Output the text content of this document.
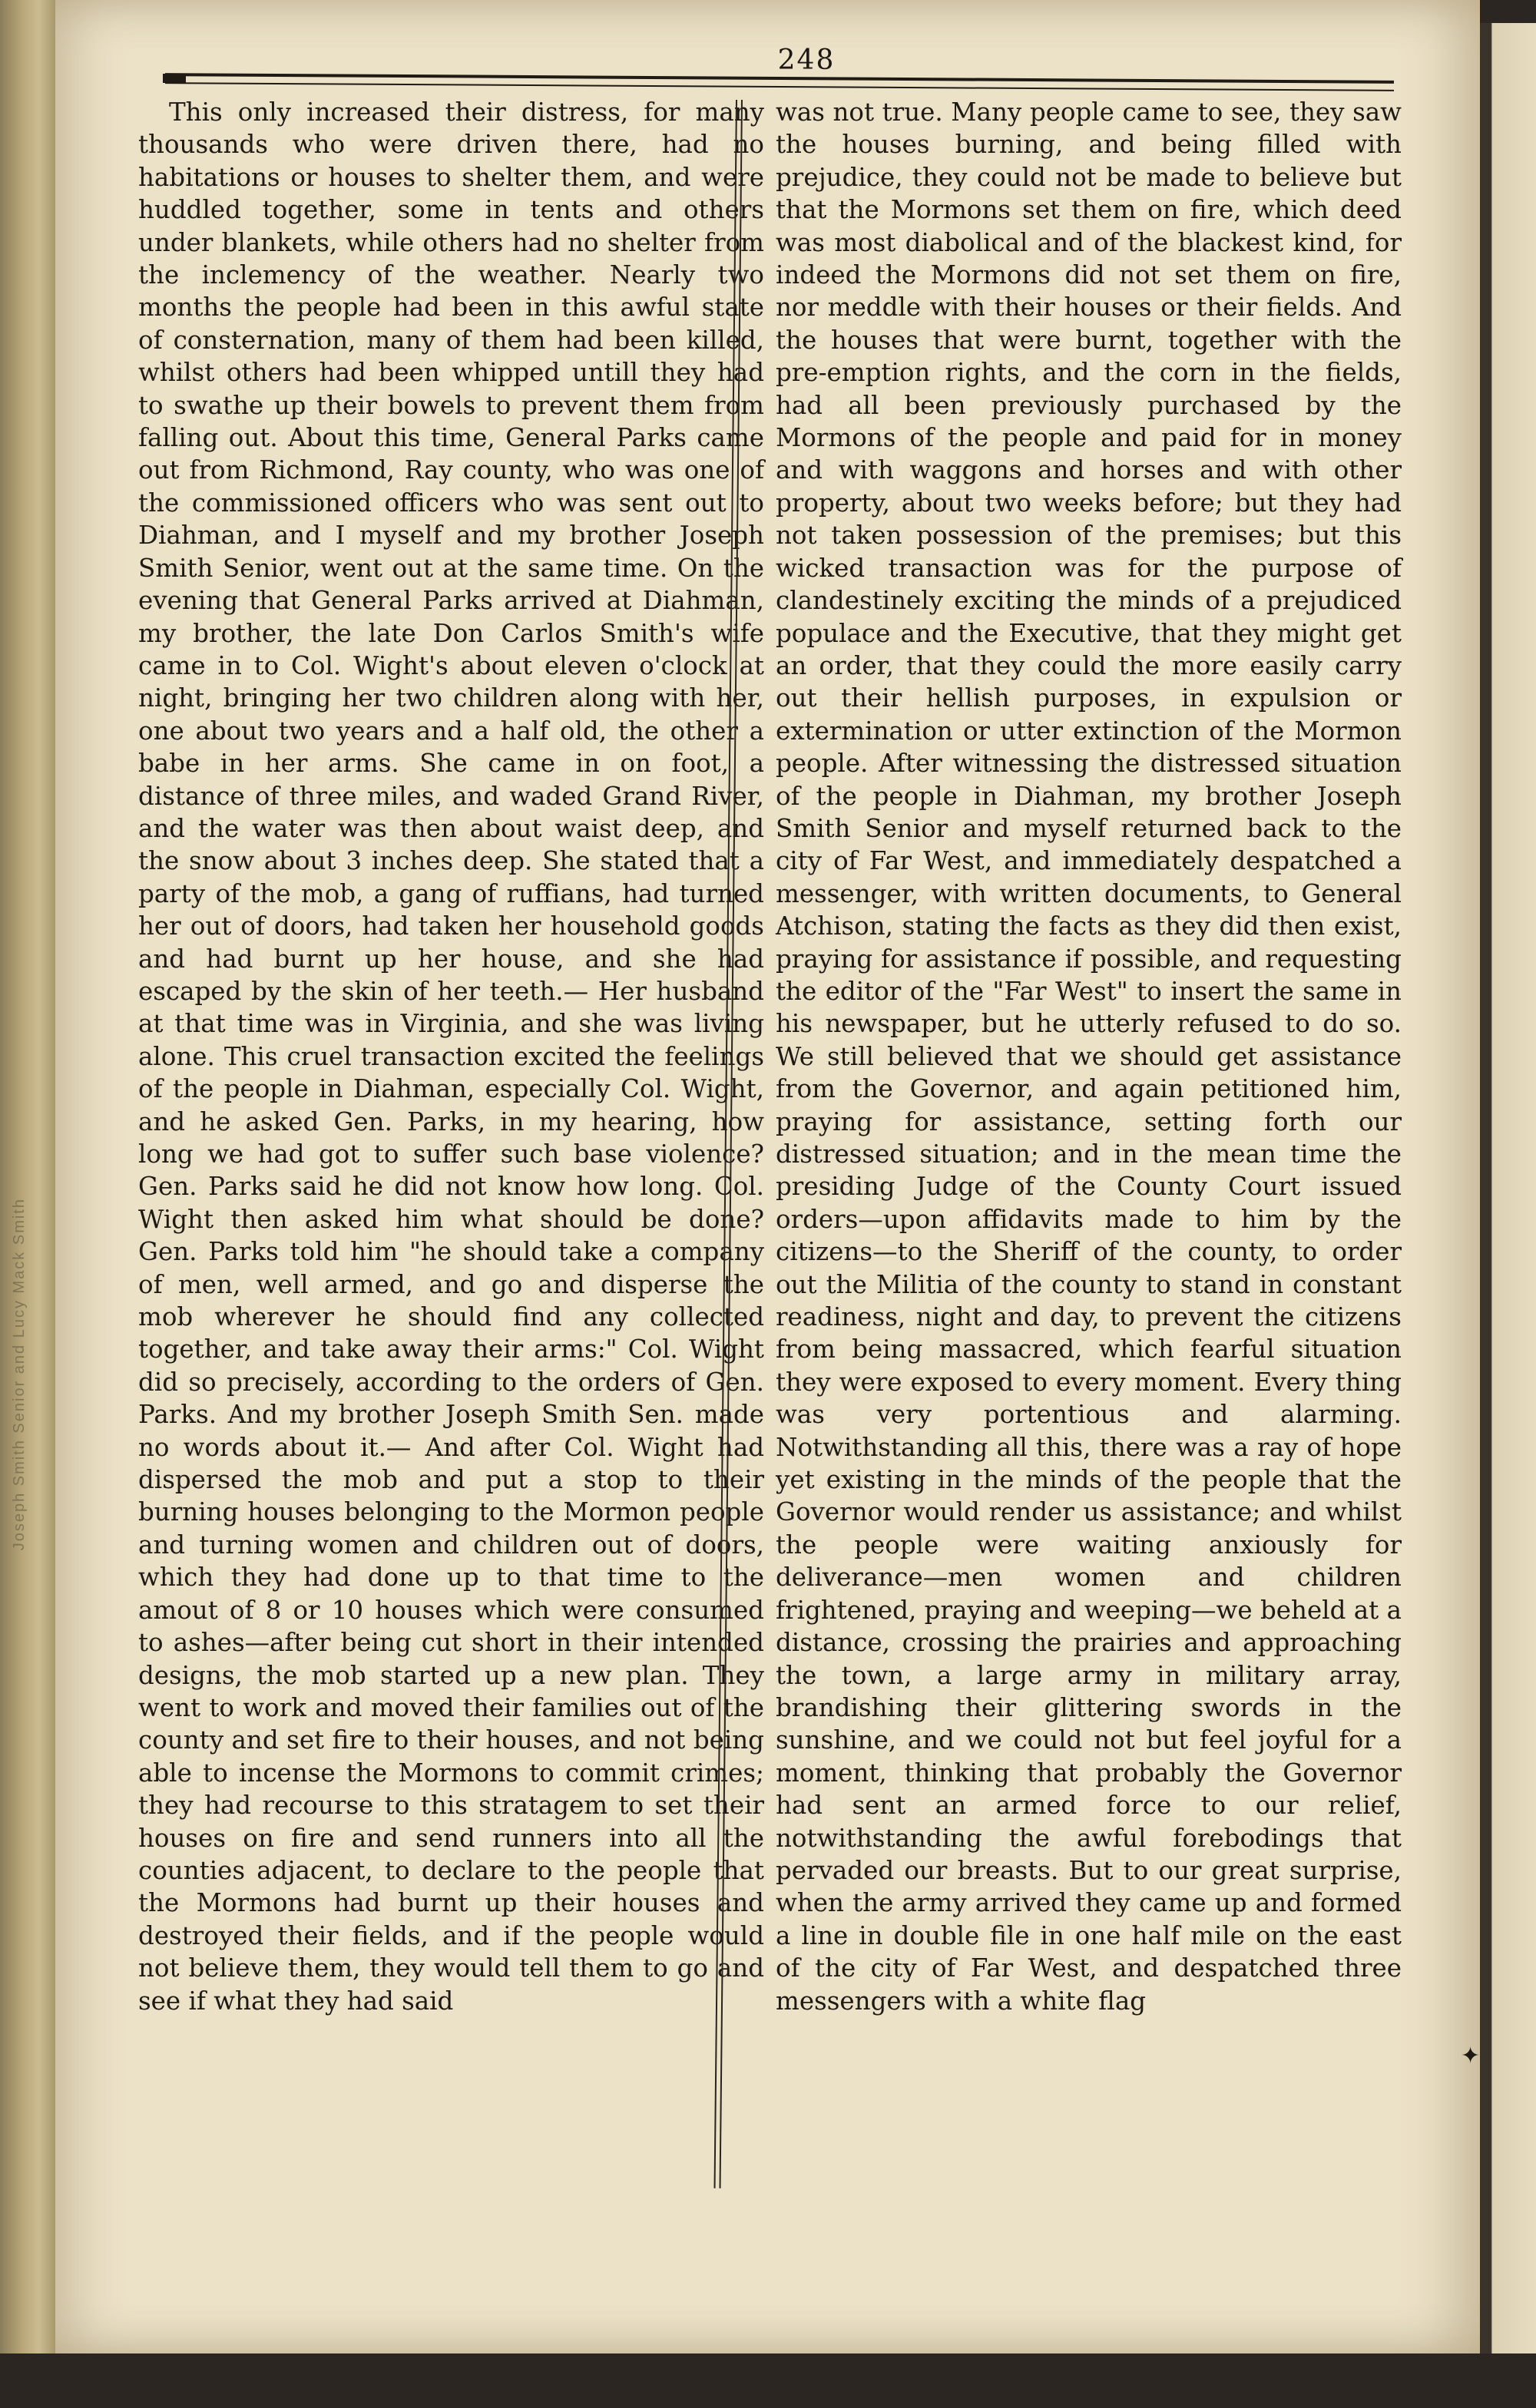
Joseph Smith Senior and Lucy Mack Smith
248

This only increased their distress, for many thousands who were driven there, had no habitations or houses to shelter them, and were huddled together, some in tents and others under blankets, while others had no shelter from the inclemency of the weather. Nearly two months the people had been in this awful state of consternation, many of them had been killed, whilst others had been whipped untill they had to swathe up their bowels to prevent them from falling out. About this time, General Parks came out from Richmond, Ray county, who was one of the commissioned officers who was sent out to Diahman, and I myself and my brother Joseph Smith Senior, went out at the same time. On the evening that General Parks arrived at Diahman, my brother, the late Don Carlos Smith's wife came in to Col. Wight's about eleven o'clock at night, bringing her two children along with her, one about two years and a half old, the other a babe in her arms. She came in on foot, a distance of three miles, and waded Grand River, and the water was then about waist deep, and the snow about 3 inches deep. She stated that a party of the mob, a gang of ruffians, had turned her out of doors, had taken her household goods and had burnt up her house, and she had escaped by the skin of her teeth.— Her husband at that time was in Virginia, and she was living alone. This cruel transaction excited the feelings of the people in Diahman, especially Col. Wight, and he asked Gen. Parks, in my hearing, how long we had got to suffer such base violence? Gen. Parks said he did not know how long. Col. Wight then asked him what should be done? Gen. Parks told him "he should take a company of men, well armed, and go and disperse the mob wherever he should find any collected together, and take away their arms:" Col. Wight did so precisely, according to the orders of Gen. Parks. And my brother Joseph Smith Sen. made no words about it.— And after Col. Wight had dispersed the mob and put a stop to their burning houses belonging to the Mormon people and turning women and children out of doors, which they had done up to that time to the amout of 8 or 10 houses which were consumed to ashes—after being cut short in their intended designs, the mob started up a new plan. They went to work and moved their families out of the county and set fire to their houses, and not being able to incense the Mormons to commit crimes; they had recourse to this stratagem to set their houses on fire and send runners into all the counties adjacent, to declare to the people that the Mormons had burnt up their houses and destroyed their fields, and if the people would not believe them, they would tell them to go and see if what they had said

was not true. Many people came to see, they saw the houses burning, and being filled with prejudice, they could not be made to believe but that the Mormons set them on fire, which deed was most diabolical and of the blackest kind, for indeed the Mormons did not set them on fire, nor meddle with their houses or their fields. And the houses that were burnt, together with the pre-emption rights, and the corn in the fields, had all been previously purchased by the Mormons of the people and paid for in money and with waggons and horses and with other property, about two weeks before; but they had not taken possession of the premises; but this wicked transaction was for the purpose of clandestinely exciting the minds of a prejudiced populace and the Executive, that they might get an order, that they could the more easily carry out their hellish purposes, in expulsion or extermination or utter extinction of the Mormon people. After witnessing the distressed situation of the people in Diahman, my brother Joseph Smith Senior and myself returned back to the city of Far West, and immediately despatched a messenger, with written documents, to General Atchison, stating the facts as they did then exist, praying for assistance if possible, and requesting the editor of the "Far West" to insert the same in his newspaper, but he utterly refused to do so. We still believed that we should get assistance from the Governor, and again petitioned him, praying for assistance, setting forth our distressed situation; and in the mean time the presiding Judge of the County Court issued orders—upon affidavits made to him by the citizens—to the Sheriff of the county, to order out the Militia of the county to stand in constant readiness, night and day, to prevent the citizens from being massacred, which fearful situation they were exposed to every moment. Every thing was very portentious and alarming. Notwithstanding all this, there was a ray of hope yet existing in the minds of the people that the Governor would render us assistance; and whilst the people were waiting anxiously for deliverance—men women and children frightened, praying and weeping—we beheld at a distance, crossing the prairies and approaching the town, a large army in military array, brandishing their glittering swords in the sunshine, and we could not but feel joyful for a moment, thinking that probably the Governor had sent an armed force to our relief, notwithstanding the awful forebodings that pervaded our breasts. But to our great surprise, when the army arrived they came up and formed a line in double file in one half mile on the east of the city of Far West, and despatched three messengers with a white flag

✦
